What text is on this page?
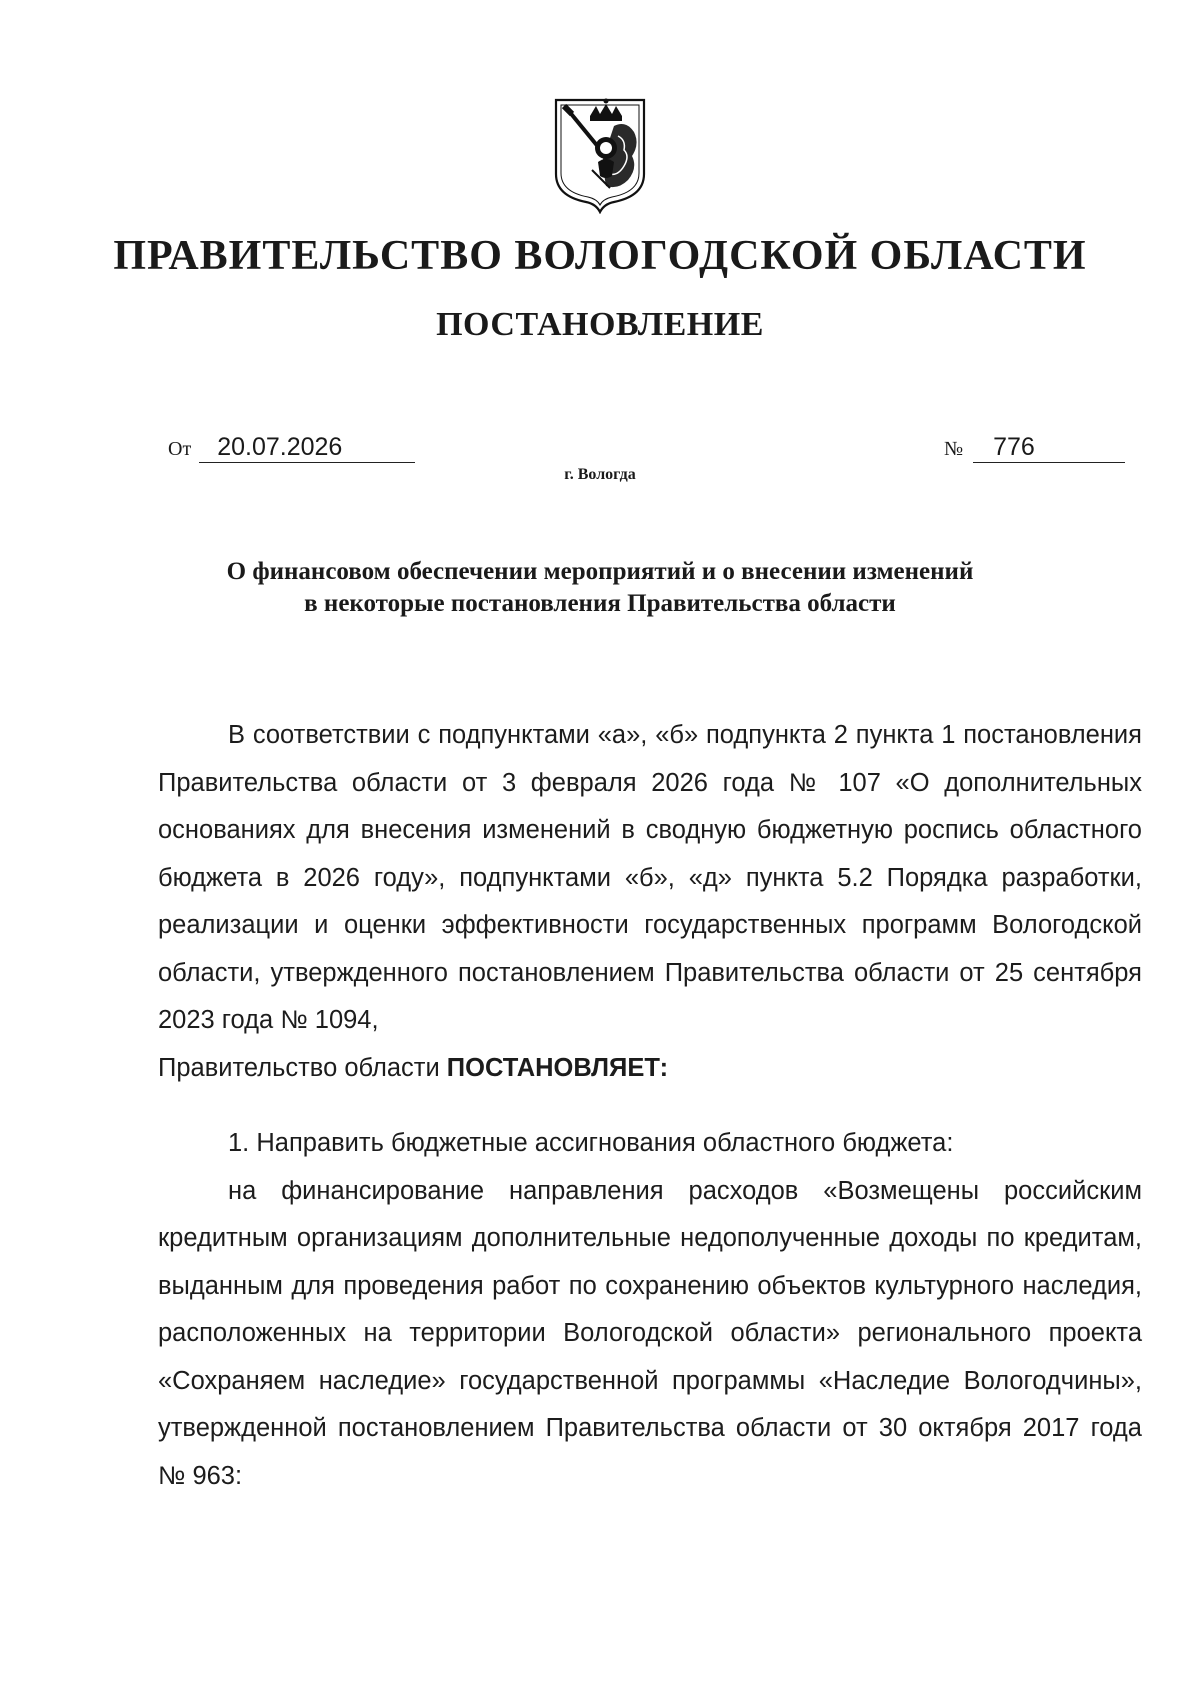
ПРАВИТЕЛЬСТВО ВОЛОГОДСКОЙ ОБЛАСТИ
ПОСТАНОВЛЕНИЕ
От 20.07.2026	№ 776
г. Вологда
О финансовом обеспечении мероприятий и о внесении изменений
в некоторые постановления Правительства области

В соответствии с подпунктами «а», «б» подпункта 2 пункта 1 постановления Правительства области от 3 февраля 2026 года № 107 «О дополнительных основаниях для внесения изменений в сводную бюджетную роспись областного бюджета в 2026 году», подпунктами «б», «д» пункта 5.2 Порядка разработки, реализации и оценки эффективности государственных программ Вологодской области, утвержденного постановлением Правительства области от 25 сентября 2023 года № 1094,

Правительство области ПОСТАНОВЛЯЕТ:

1. Направить бюджетные ассигнования областного бюджета:

на финансирование направления расходов «Возмещены российским кредитным организациям дополнительные недополученные доходы по кредитам, выданным для проведения работ по сохранению объектов культурного наследия, расположенных на территории Вологодской области» регионального проекта «Сохраняем наследие» государственной программы «Наследие Вологодчины», утвержденной постановлением Правительства области от 30 октября 2017 года № 963:
